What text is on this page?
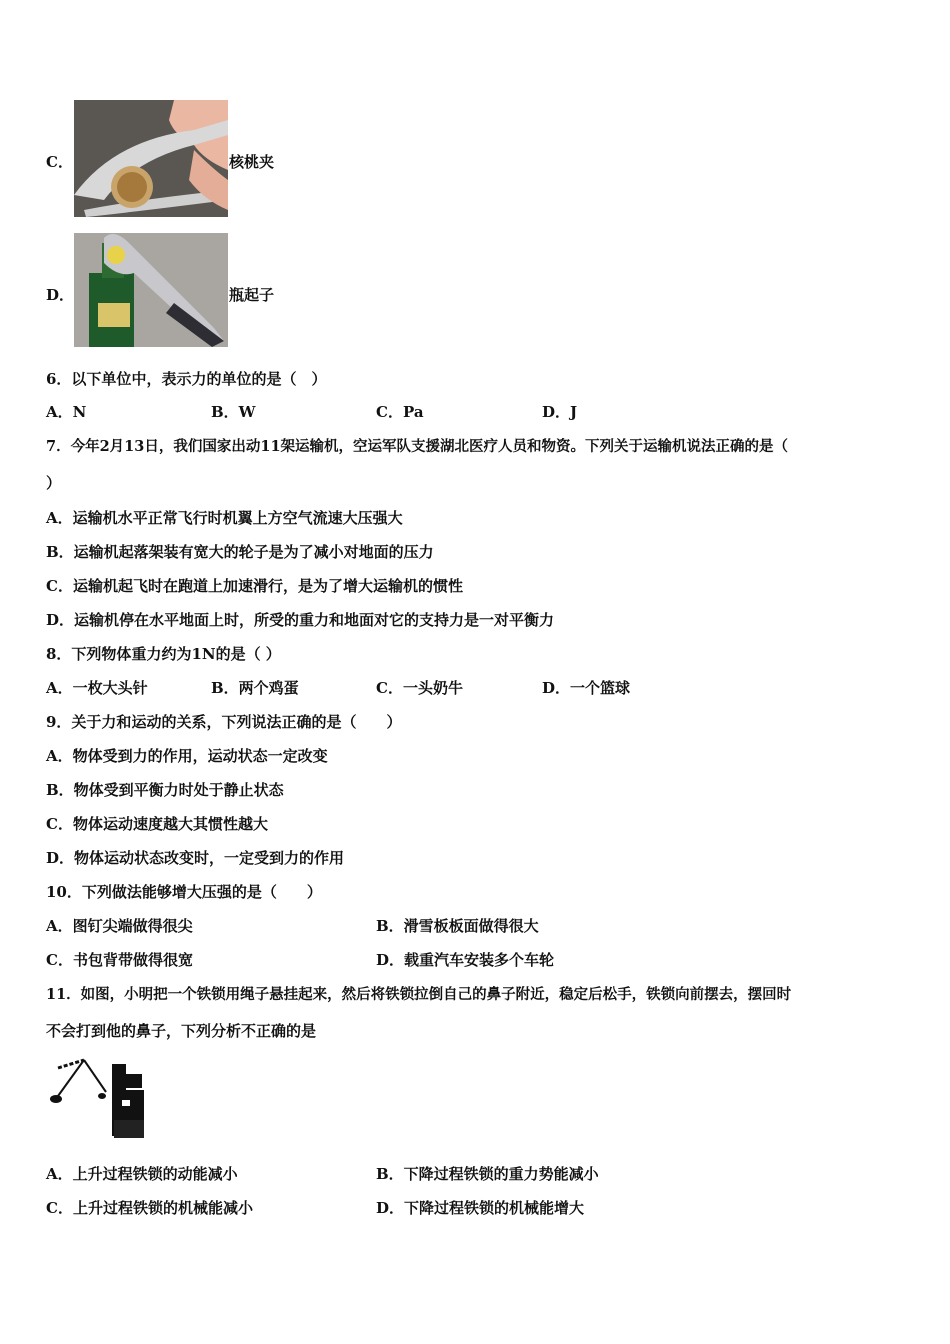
C．	核桃夹
D．	瓶起子
6．以下单位中，表示力的单位的是（　）
A．N	B．W	C．Pa	D．J
7．今年2月13日，我们国家出动11架运输机，空运军队支援湖北医疗人员和物资。下列关于运输机说法正确的是（
）
A．运输机水平正常飞行时机翼上方空气流速大压强大
B．运输机起落架装有宽大的轮子是为了减小对地面的压力
C．运输机起飞时在跑道上加速滑行，是为了增大运输机的惯性
D．运输机停在水平地面上时，所受的重力和地面对它的支持力是一对平衡力
8．下列物体重力约为1N的是（ ）
A．一枚大头针	B．两个鸡蛋	C．一头奶牛	D．一个篮球
9．关于力和运动的关系，下列说法正确的是（　　）
A．物体受到力的作用，运动状态一定改变
B．物体受到平衡力时处于静止状态
C．物体运动速度越大其惯性越大
D．物体运动状态改变时，一定受到力的作用
10．下列做法能够增大压强的是（　　）
A．图钉尖端做得很尖	B．滑雪板板面做得很大
C．书包背带做得很宽	D．载重汽车安装多个车轮
11．如图，小明把一个铁锁用绳子悬挂起来，然后将铁锁拉倒自己的鼻子附近，稳定后松手，铁锁向前摆去，摆回时
不会打到他的鼻子，下列分析不正确的是
A．上升过程铁锁的动能减小	B．下降过程铁锁的重力势能减小
C．上升过程铁锁的机械能减小	D．下降过程铁锁的机械能增大
